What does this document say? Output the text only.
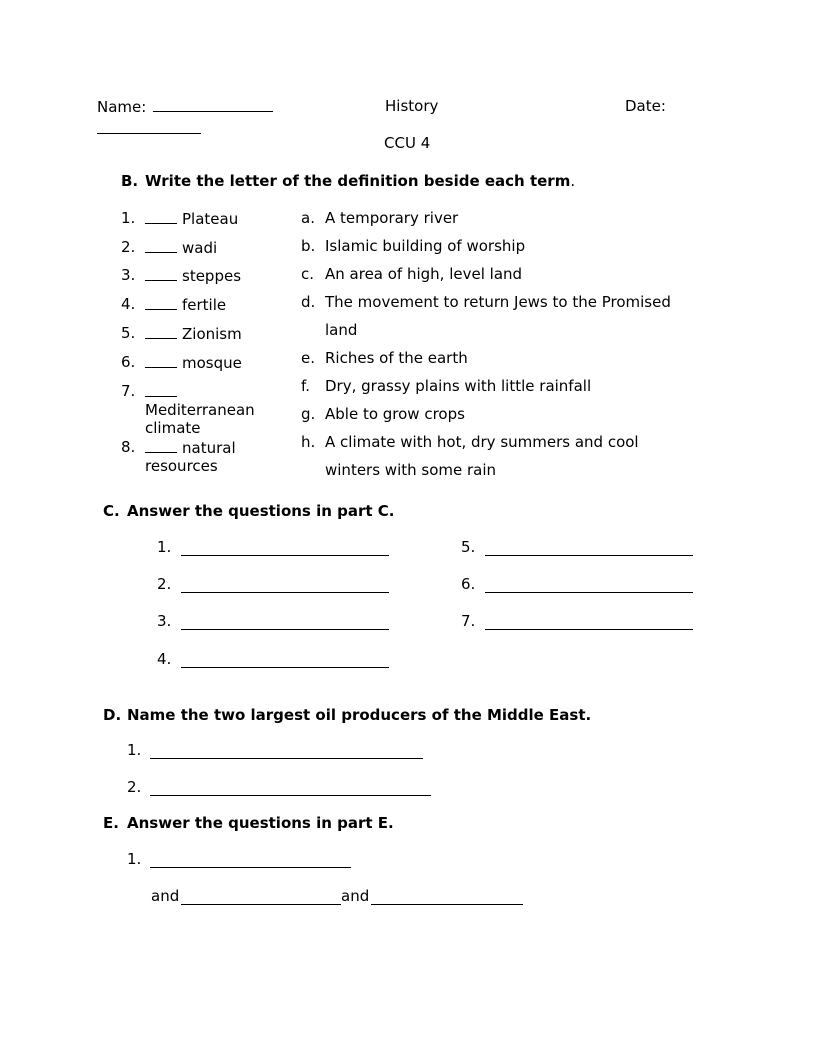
Name:	History	Date:
CCU 4
B. Write the letter of the definition beside each term.
1.	Plateau
2.	wadi
3.	steppes
4.	fertile
5.	Zionism
6.	mosque
7.

Mediterranean climate
8.	natural resources
a. A temporary river
b. Islamic building of worship
c. An area of high, level land
d. The movement to return Jews to the Promised
land
e. Riches of the earth
f. Dry, grassy plains with little rainfall
g. Able to grow crops
h. A climate with hot, dry summers and cool
winters with some rain
C. Answer the questions in part C.
1.
2.
3.
4.
5.
6.
7.
D. Name the two largest oil producers of the Middle East.
1.
2.
E. Answer the questions in part E.
1.
and	and
